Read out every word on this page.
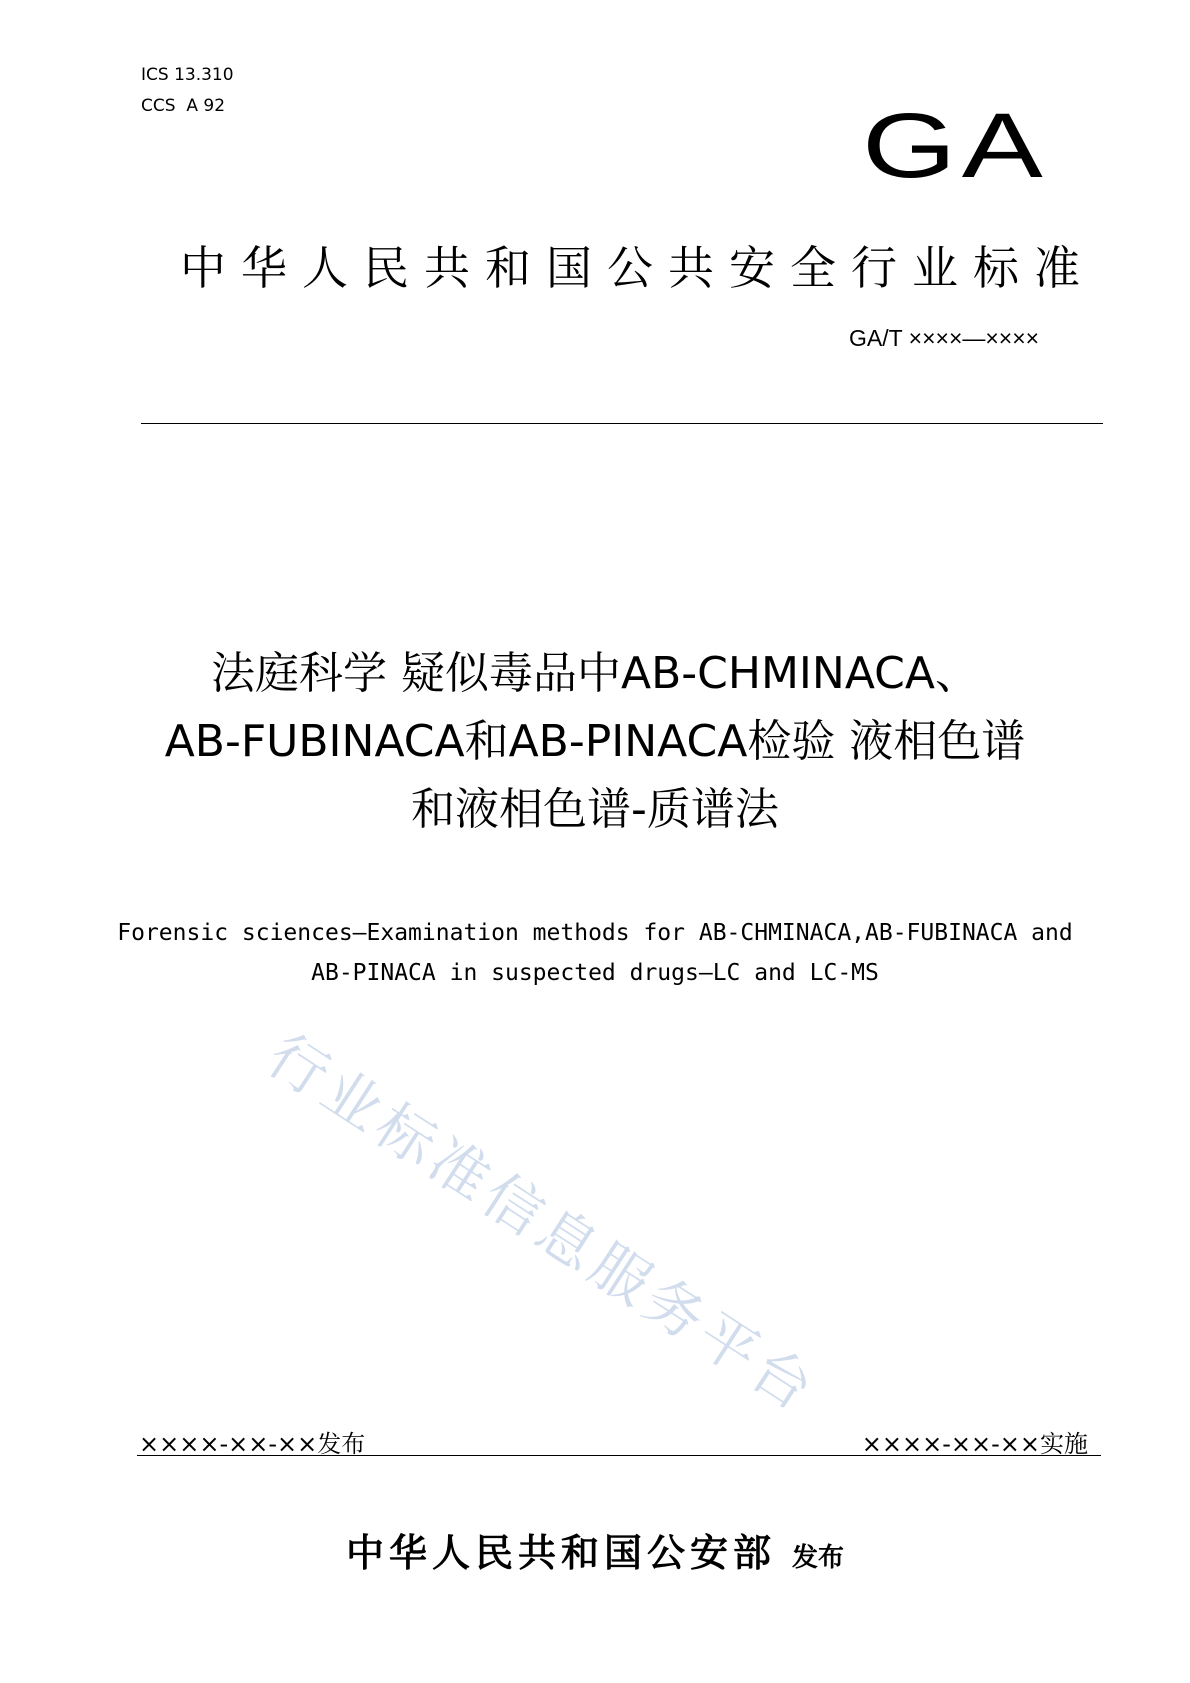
ICS 13.310
CCS  A 92	GA
中华人民共和国公共安全行业标准
GA/T ××××—××××
法庭科学 疑似毒品中AB-CHMINACA、
AB-FUBINACA和AB-PINACA检验 液相色谱
和液相色谱-质谱法
Forensic sciences—Examination methods for AB-CHMINACA,AB-FUBINACA and
AB-PINACA in suspected drugs—LC and LC-MS
行业标准信息服务平台
××××-××-××发布	××××-××-××实施
中华人民共和国公安部 发布
